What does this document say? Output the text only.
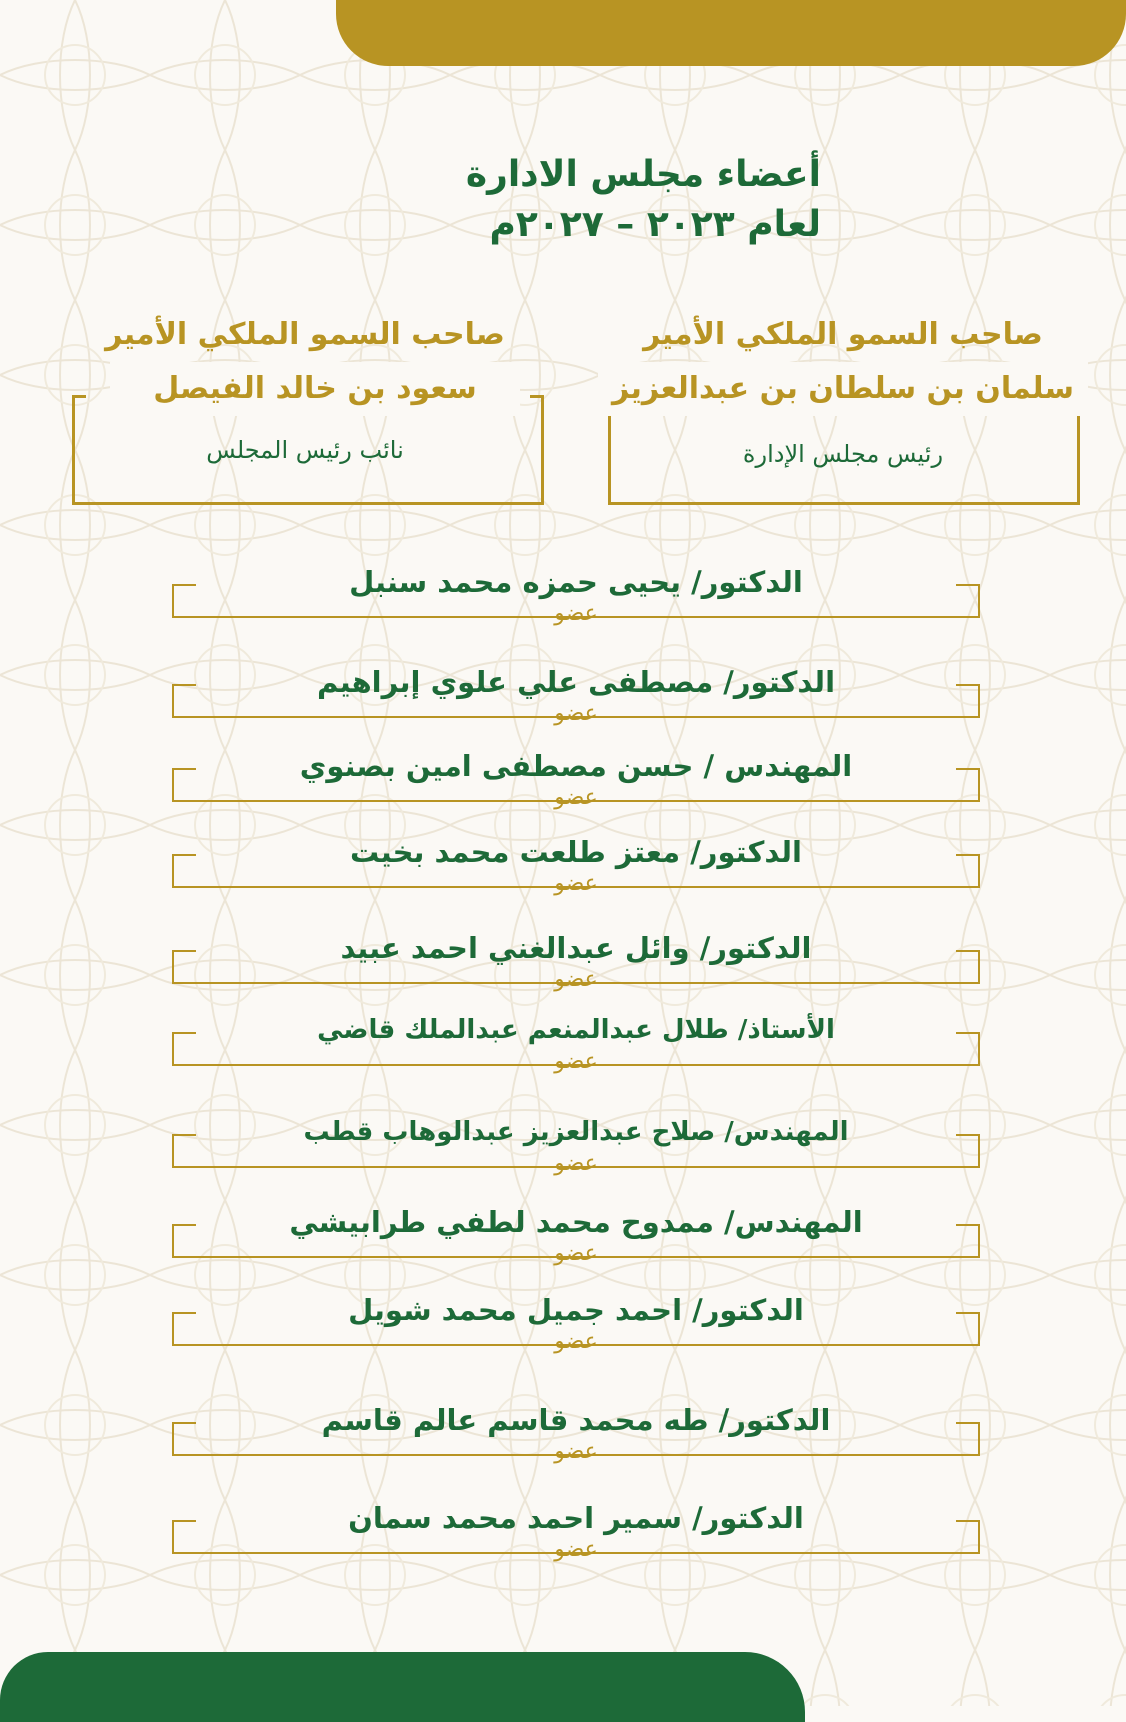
أعضاء مجلس الادارة
لعام ٢٠٢٣ – ٢٠٢٧م
صاحب السمو الملكي الأمير
سلمان بن سلطان بن عبدالعزيز
رئيس مجلس الإدارة
صاحب السمو الملكي الأمير
سعود بن خالد الفيصل
نائب رئيس المجلس
الدكتور/ يحيى حمزه محمد سنبل
عضو
الدكتور/ مصطفى علي علوي إبراهيم
عضو
المهندس / حسن مصطفى امين بصنوي
عضو
الدكتور/ معتز طلعت محمد بخيت
عضو
الدكتور/ وائل عبدالغني احمد عبيد
عضو
الأستاذ/ طلال عبدالمنعم عبدالملك قاضي
عضو
المهندس/ صلاح عبدالعزيز عبدالوهاب قطب
عضو
المهندس/ ممدوح محمد لطفي طرابيشي
عضو
الدكتور/ احمد جميل محمد شويل
عضو
الدكتور/ طه محمد قاسم عالم قاسم
عضو
الدكتور/ سمير احمد محمد سمان
عضو
